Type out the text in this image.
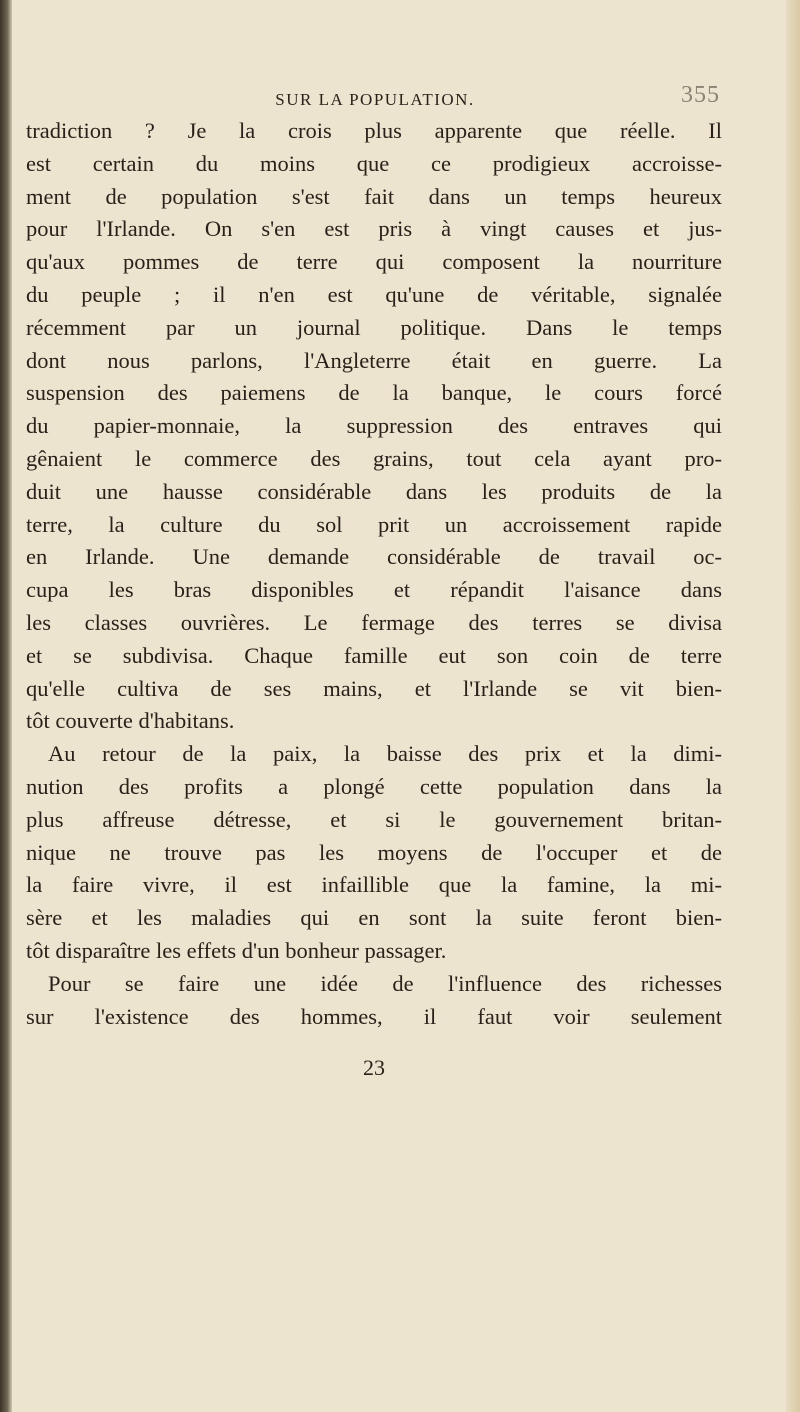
SUR LA POPULATION.	355
tradiction ? Je la crois plus apparente que réelle. Il
est certain du moins que ce prodigieux accroisse-
ment de population s'est fait dans un temps heureux
pour l'Irlande. On s'en est pris à vingt causes et jus-
qu'aux pommes de terre qui composent la nourriture
du peuple ; il n'en est qu'une de véritable, signalée
récemment par un journal politique. Dans le temps
dont nous parlons, l'Angleterre était en guerre. La
suspension des paiemens de la banque, le cours forcé
du papier-monnaie, la suppression des entraves qui
gênaient le commerce des grains, tout cela ayant pro-
duit une hausse considérable dans les produits de la
terre, la culture du sol prit un accroissement rapide
en Irlande. Une demande considérable de travail oc-
cupa les bras disponibles et répandit l'aisance dans
les classes ouvrières. Le fermage des terres se divisa
et se subdivisa. Chaque famille eut son coin de terre
qu'elle cultiva de ses mains, et l'Irlande se vit bien-
tôt couverte d'habitans.
Au retour de la paix, la baisse des prix et la dimi-
nution des profits a plongé cette population dans la
plus affreuse détresse, et si le gouvernement britan-
nique ne trouve pas les moyens de l'occuper et de
la faire vivre, il est infaillible que la famine, la mi-
sère et les maladies qui en sont la suite feront bien-
tôt disparaître les effets d'un bonheur passager.
Pour se faire une idée de l'influence des richesses
sur l'existence des hommes, il faut voir seulement
23
